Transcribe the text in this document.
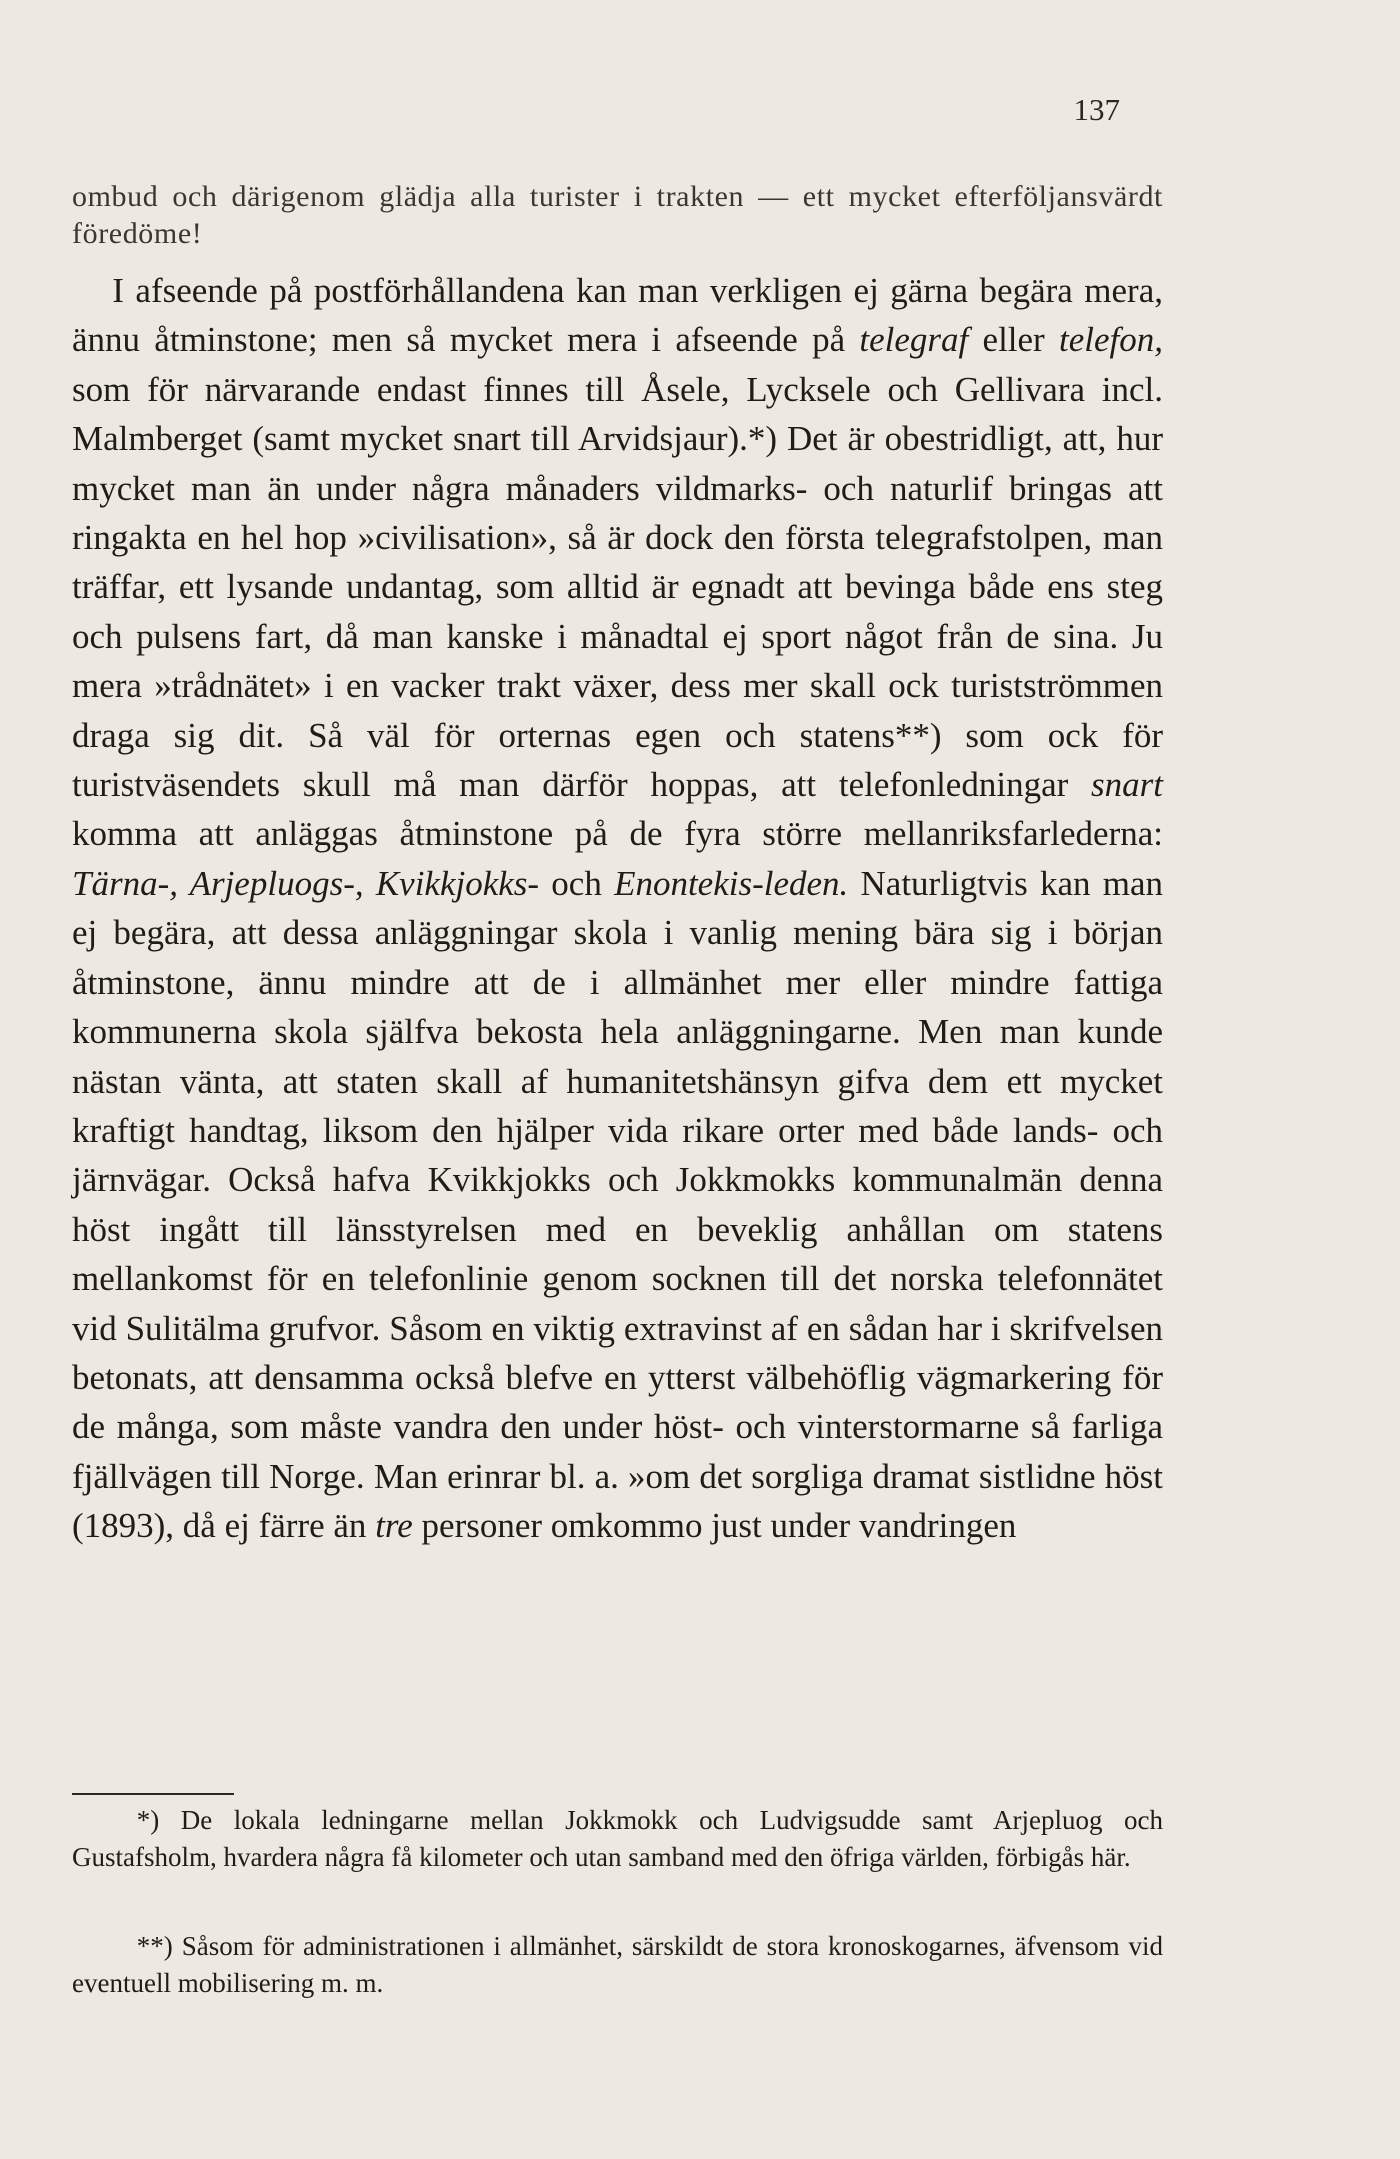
137

ombud och därigenom glädja alla turister i trakten — ett mycket efterföljansvärdt föredöme!

I afseende på postförhållandena kan man verkligen ej gärna begära mera, ännu åtminstone; men så mycket mera i afseende på telegraf eller telefon, som för närvarande endast finnes till Åsele, Lycksele och Gellivara incl. Malmberget (samt mycket snart till Arvidsjaur).*) Det är obestridligt, att, hur mycket man än under några månaders vildmarks- och naturlif bringas att ringakta en hel hop »civilisation», så är dock den första telegrafstolpen, man träffar, ett lysande undantag, som alltid är egnadt att bevinga både ens steg och pulsens fart, då man kanske i månadtal ej sport något från de sina. Ju mera »trådnätet» i en vacker trakt växer, dess mer skall ock turistströmmen draga sig dit. Så väl för orternas egen och statens**) som ock för turistväsendets skull må man därför hoppas, att telefonledningar snart komma att anläggas åtminstone på de fyra större mellanriksfarlederna: Tärna-, Arjepluogs-, Kvikkjokks- och Enontekis-leden. Naturligtvis kan man ej begära, att dessa anläggningar skola i vanlig mening bära sig i början åtminstone, ännu mindre att de i allmänhet mer eller mindre fattiga kommunerna skola själfva bekosta hela anläggningarne. Men man kunde nästan vänta, att staten skall af humanitetshänsyn gifva dem ett mycket kraftigt handtag, liksom den hjälper vida rikare orter med både lands- och järnvägar. Också hafva Kvikkjokks och Jokkmokks kommunalmän denna höst ingått till länsstyrelsen med en beveklig anhållan om statens mellankomst för en telefonlinie genom socknen till det norska telefonnätet vid Sulitälma grufvor. Såsom en viktig extravinst af en sådan har i skrifvelsen betonats, att densamma också blefve en ytterst välbehöflig vägmarkering för de många, som måste vandra den under höst- och vinterstormarne så farliga fjällvägen till Norge. Man erinrar bl. a. »om det sorgliga dramat sistlidne höst (1893), då ej färre än tre personer omkommo just under vandringen

*) De lokala ledningarne mellan Jokkmokk och Ludvigsudde samt Arjepluog och Gustafsholm, hvardera några få kilometer och utan samband med den öfriga världen, förbigås här.

**) Såsom för administrationen i allmänhet, särskildt de stora kronoskogarnes, äfvensom vid eventuell mobilisering m. m.
